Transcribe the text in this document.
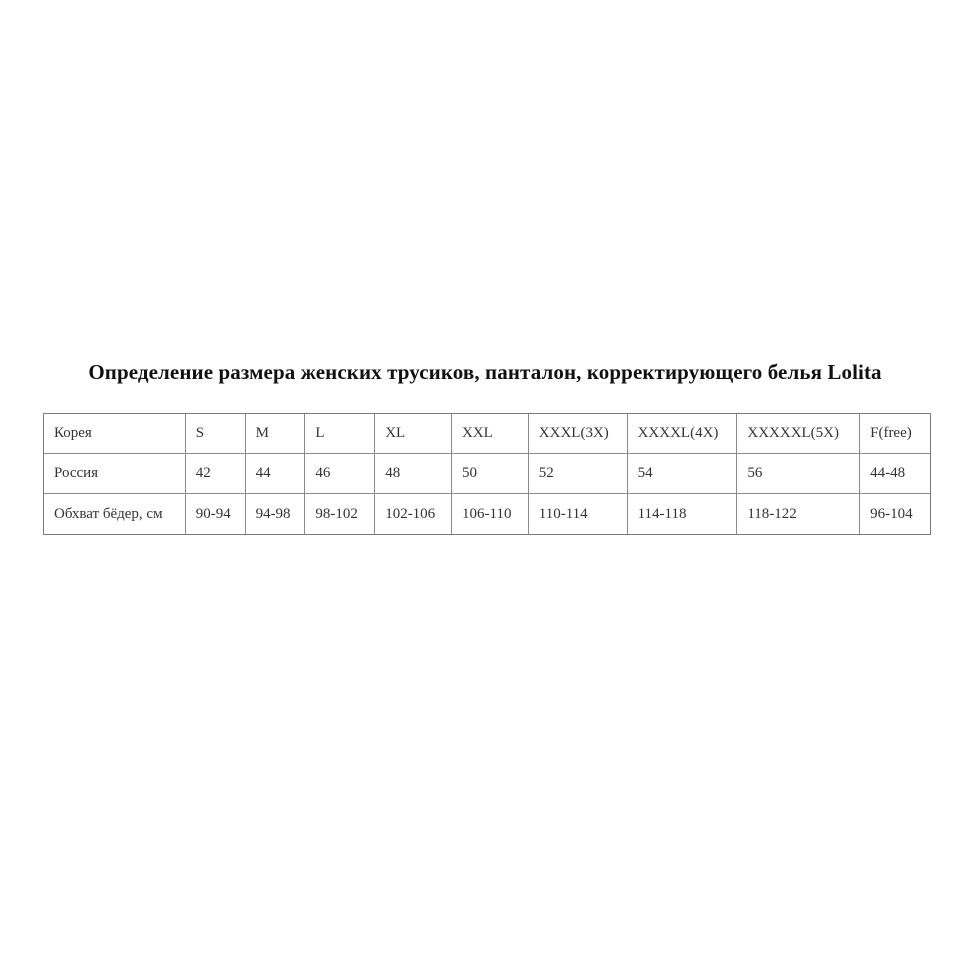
Определение размера женских трусиков, панталон, корректирующего белья Lolita
Корея	S	M	L	XL	XXL	XXXL(3X)	XXXXL(4X)	XXXXXL(5X)	F(free)
Россия	42	44	46	48	50	52	54	56	44-48
Обхват бёдер, см	90-94	94-98	98-102	102-106	106-110	110-114	114-118	118-122	96-104
